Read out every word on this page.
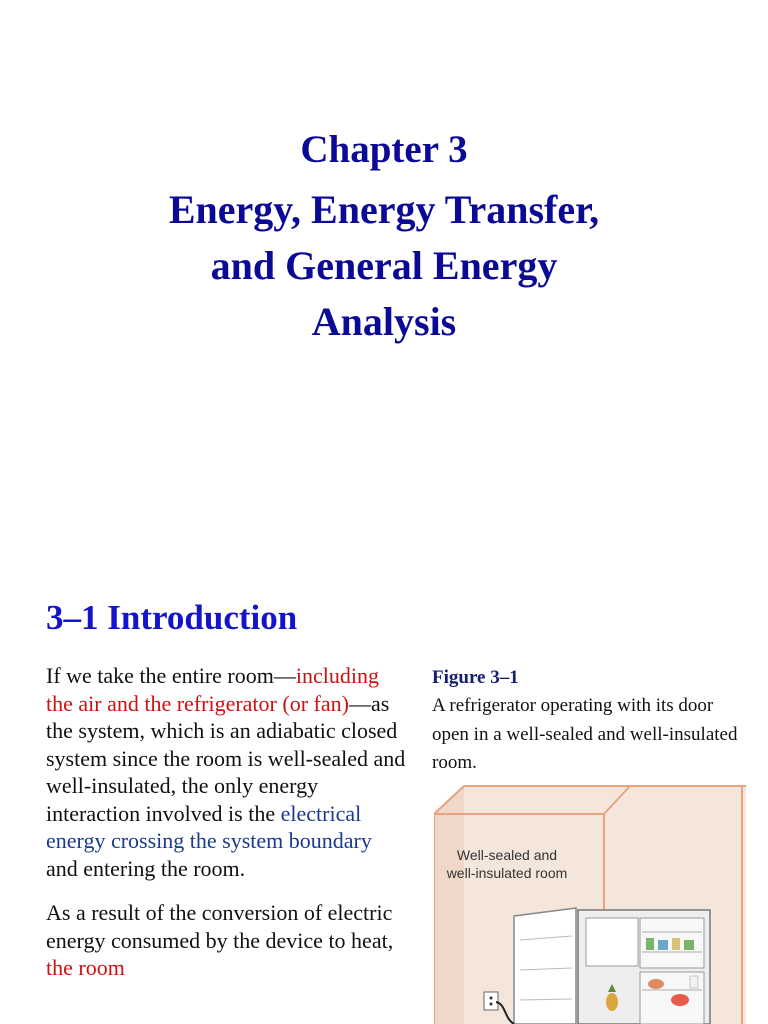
Chapter 3
Energy, Energy Transfer,
and General Energy
Analysis
3–1 Introduction

If we take the entire room—including the air and the refrigerator (or fan)—as the system, which is an adiabatic closed system since the room is well-sealed and well-insulated, the only energy interaction involved is the electrical energy crossing the system boundary and entering the room.

As a result of the conversion of electric energy consumed by the device to heat, the room

Figure 3–1

A refrigerator operating with its door open in a well-sealed and well-insulated room.

Well-sealed and
well-insulated room
